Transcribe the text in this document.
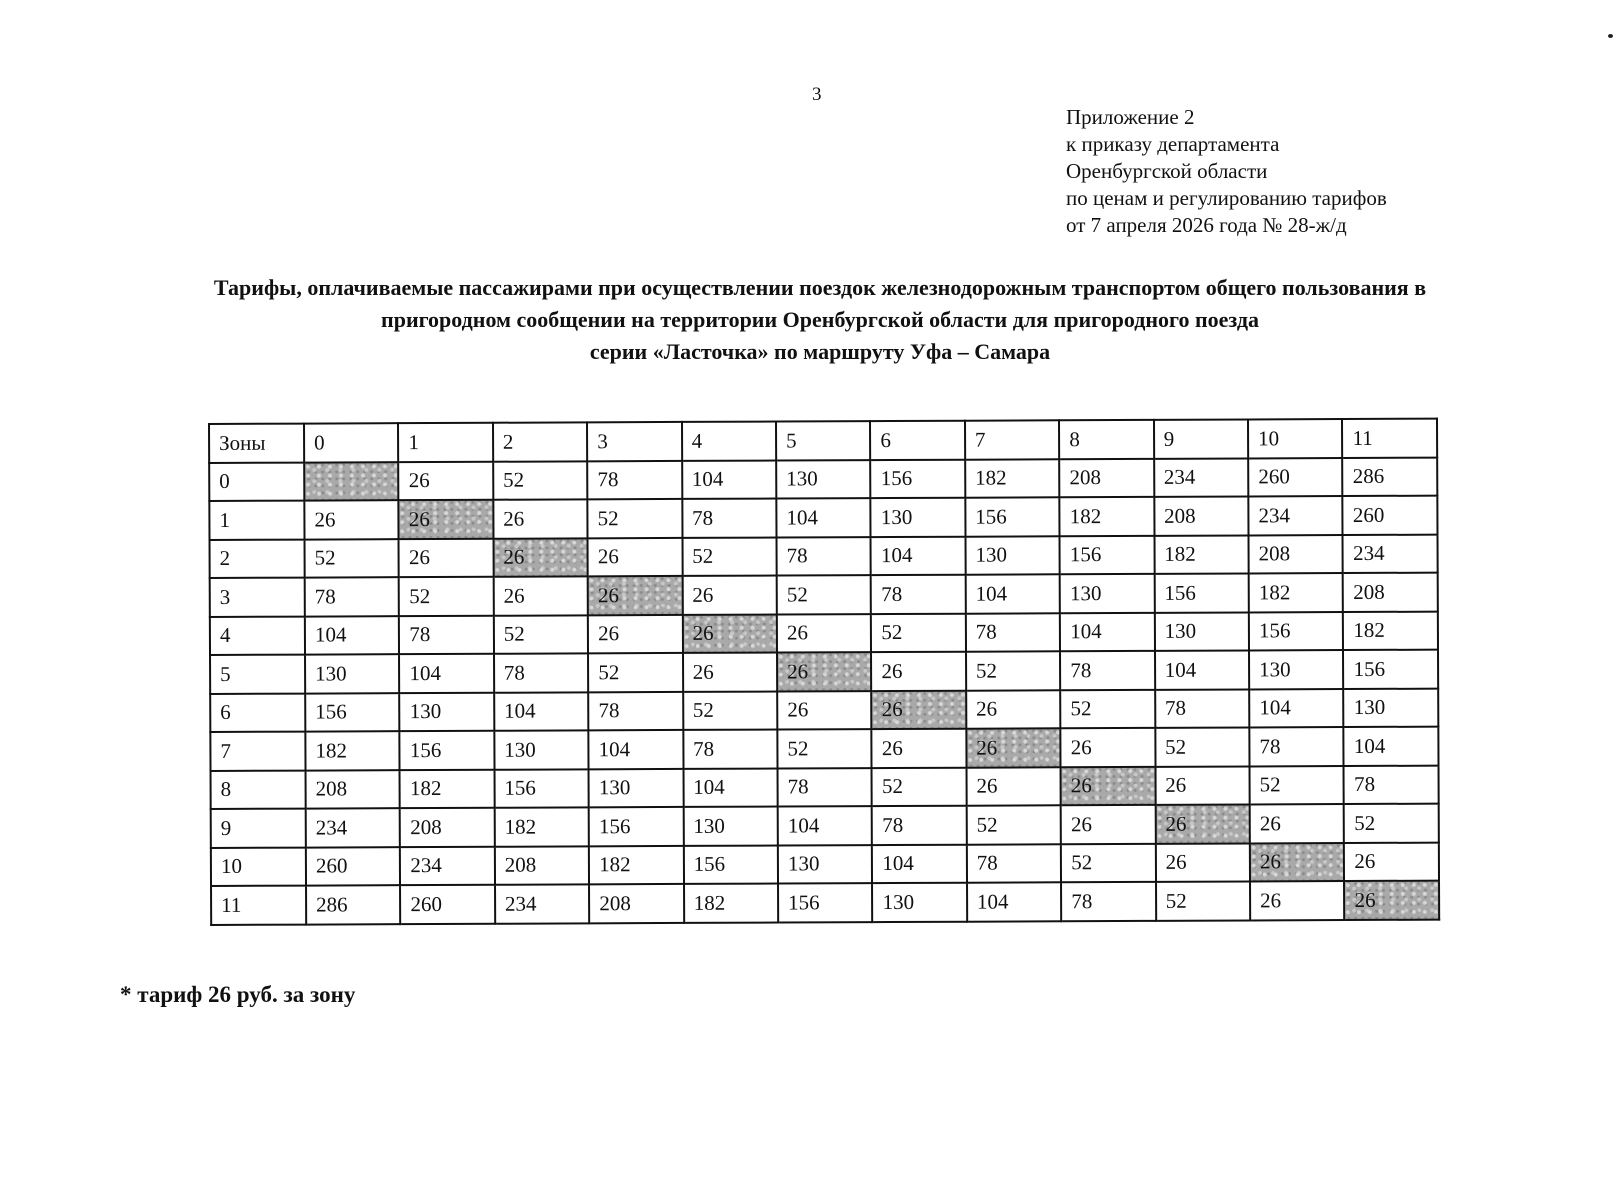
3
Приложение 2
к приказу департамента
Оренбургской области
по ценам и регулированию тарифов
от 7 апреля 2026 года № 28-ж/д
Тарифы, оплачиваемые пассажирами при осуществлении поездок железнодорожным транспортом общего пользования в
пригородном сообщении на территории Оренбургской области для пригородного поезда
серии «Ласточка» по маршруту Уфа – Самара
Зоны	0	1	2	3	4	5	6	7	8	9	10	11
0		26	52	78	104	130	156	182	208	234	260	286
1	26	26	26	52	78	104	130	156	182	208	234	260
2	52	26	26	26	52	78	104	130	156	182	208	234
3	78	52	26	26	26	52	78	104	130	156	182	208
4	104	78	52	26	26	26	52	78	104	130	156	182
5	130	104	78	52	26	26	26	52	78	104	130	156
6	156	130	104	78	52	26	26	26	52	78	104	130
7	182	156	130	104	78	52	26	26	26	52	78	104
8	208	182	156	130	104	78	52	26	26	26	52	78
9	234	208	182	156	130	104	78	52	26	26	26	52
10	260	234	208	182	156	130	104	78	52	26	26	26
11	286	260	234	208	182	156	130	104	78	52	26	26
* тариф 26 руб. за зону
